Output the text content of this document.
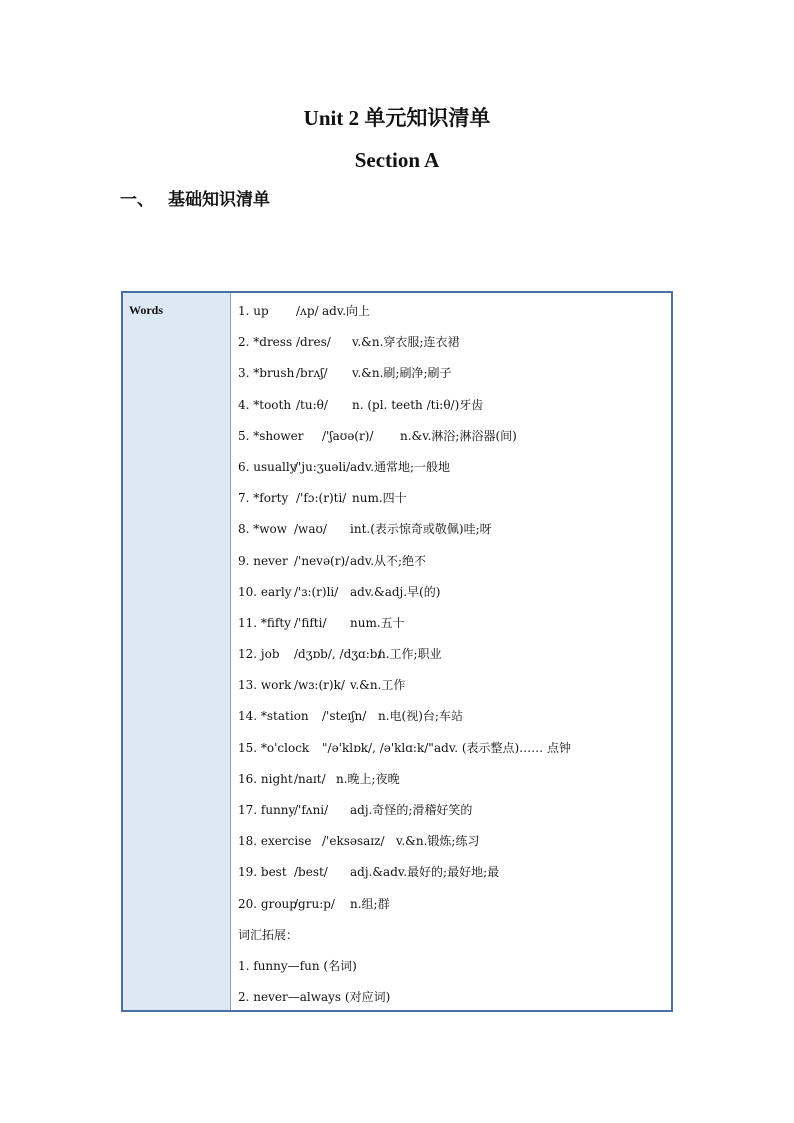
Unit 2 单元知识清单
Section A
一、 基础知识清单
Words	1. up /ʌp/ adv.向上
2. *dress /dres/ v.&n.穿衣服;连衣裙
3. *brush /brʌʃ/ v.&n.刷;刷净;刷子
4. *tooth /tu:θ/ n. (pl. teeth /ti:θ/)牙齿
5. *shower /'ʃaʊə(r)/ n.&v.淋浴;淋浴器(间)
6. usually/'ju:ʒuəli/adv.通常地;一般地
7. *forty /'fɔ:(r)ti/ num.四十
8. *wow /waʊ/ int.(表示惊奇或敬佩)哇;呀
9. never /'nevə(r)/adv.从不;绝不
10. early /'ɜ:(r)li/ adv.&adj.早(的)
11. *fifty /'fifti/ num.五十
12. job /dʒɒb/, /dʒɑ:b/n.工作;职业
13. work /wɜ:(r)k/ v.&n.工作
14. *station /'steɪʃn/ n.电(视)台;车站
15. *o'clock "/ə'klɒk/, /ə'klɑ:k/"adv. (表示整点)…… 点钟
16. night/naɪt/ n.晚上;夜晚
17. funny/'fʌni/ adj.奇怪的;滑稽好笑的
18. exercise /'eksəsaɪz/ v.&n.锻炼;练习
19. best /best/ adj.&adv.最好的;最好地;最
20. group/gru:p/ n.组;群
词汇拓展：
1. funny—fun (名词)
2. never—always (对应词)
